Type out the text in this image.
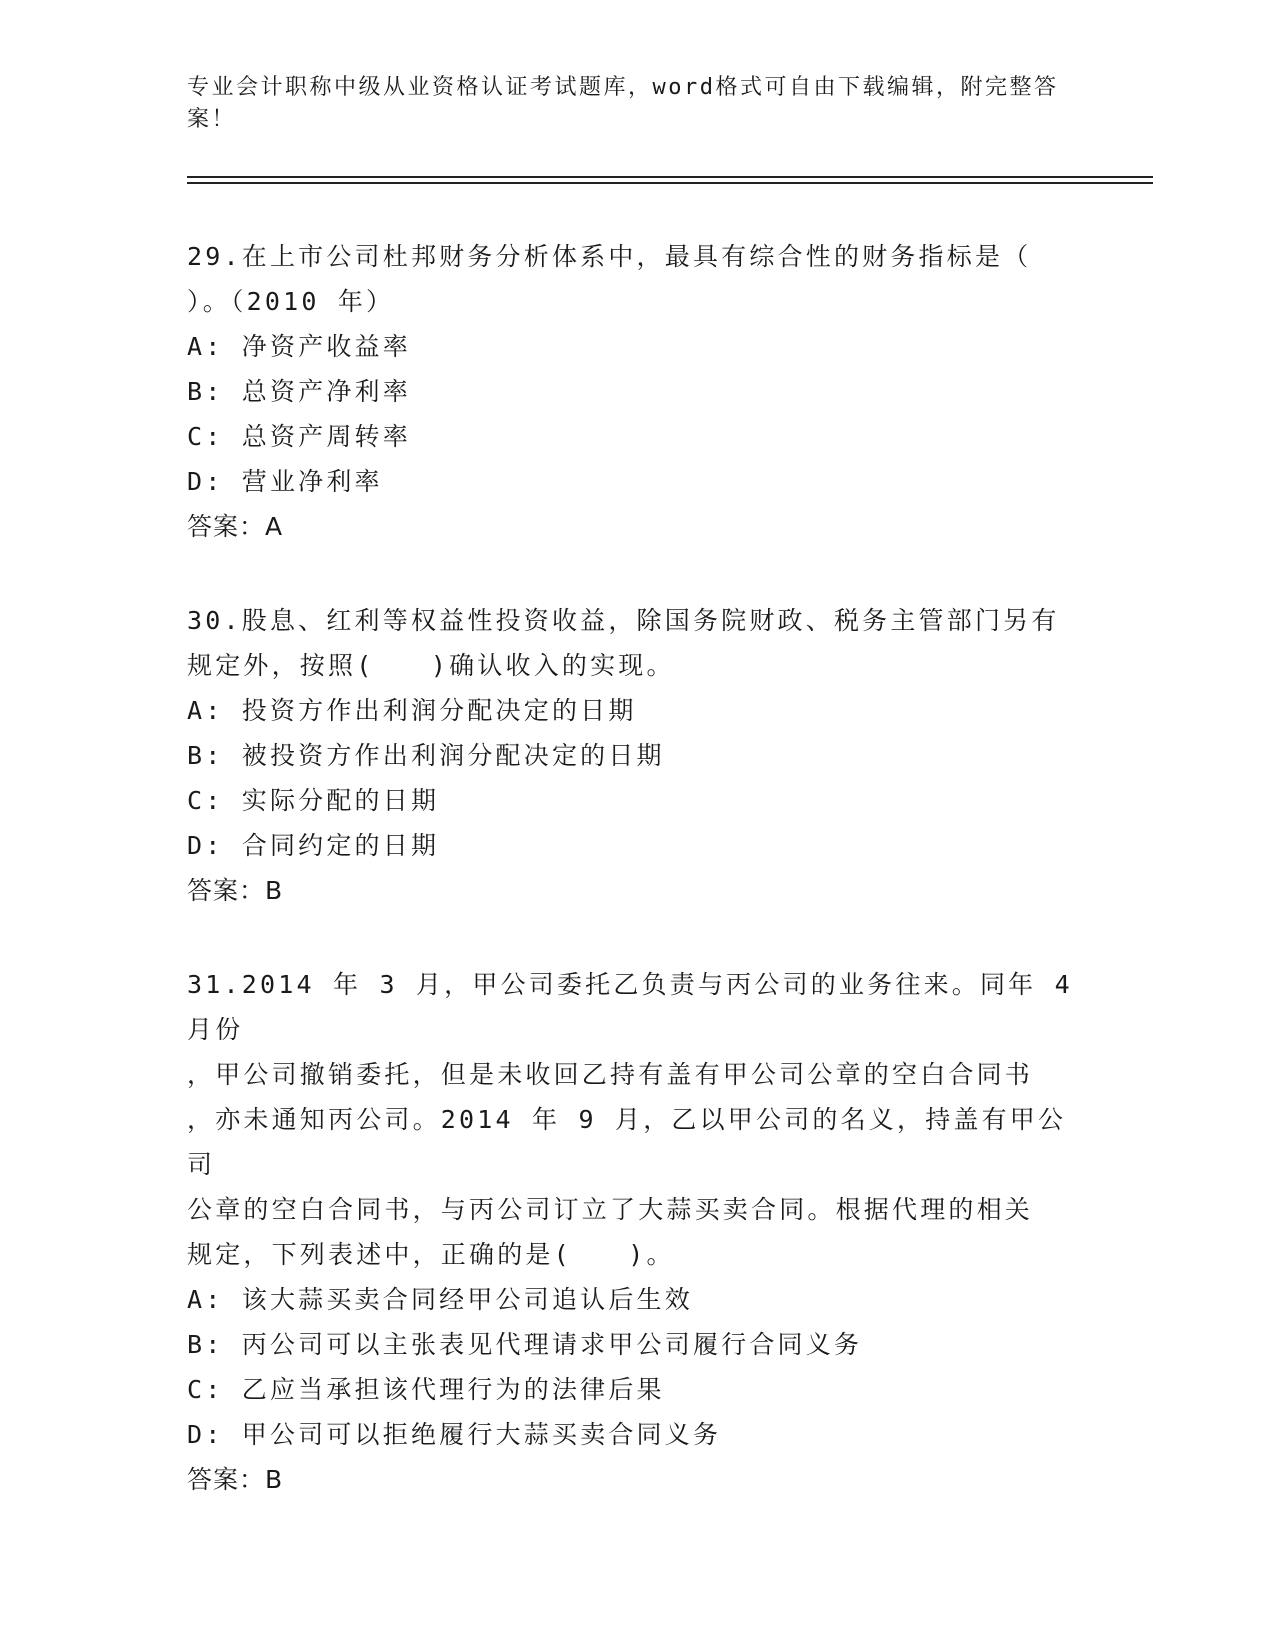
专业会计职称中级从业资格认证考试题库，word格式可自由下载编辑，附完整答
案！
29.在上市公司杜邦财务分析体系中，最具有综合性的财务指标是（
）。（2010 年）
A: 净资产收益率
B: 总资产净利率
C: 总资产周转率
D: 营业净利率
答案：A
30.股息、红利等权益性投资收益，除国务院财政、税务主管部门另有
规定外，按照(　　)确认收入的实现。
A: 投资方作出利润分配决定的日期
B: 被投资方作出利润分配决定的日期
C: 实际分配的日期
D: 合同约定的日期
答案：B
31.2014 年 3 月，甲公司委托乙负责与丙公司的业务往来。同年 4 月份
，甲公司撤销委托，但是未收回乙持有盖有甲公司公章的空白合同书
，亦未通知丙公司。2014 年 9 月，乙以甲公司的名义，持盖有甲公司
公章的空白合同书，与丙公司订立了大蒜买卖合同。根据代理的相关
规定，下列表述中，正确的是(　　)。
A: 该大蒜买卖合同经甲公司追认后生效
B: 丙公司可以主张表见代理请求甲公司履行合同义务
C: 乙应当承担该代理行为的法律后果
D: 甲公司可以拒绝履行大蒜买卖合同义务
答案：B
